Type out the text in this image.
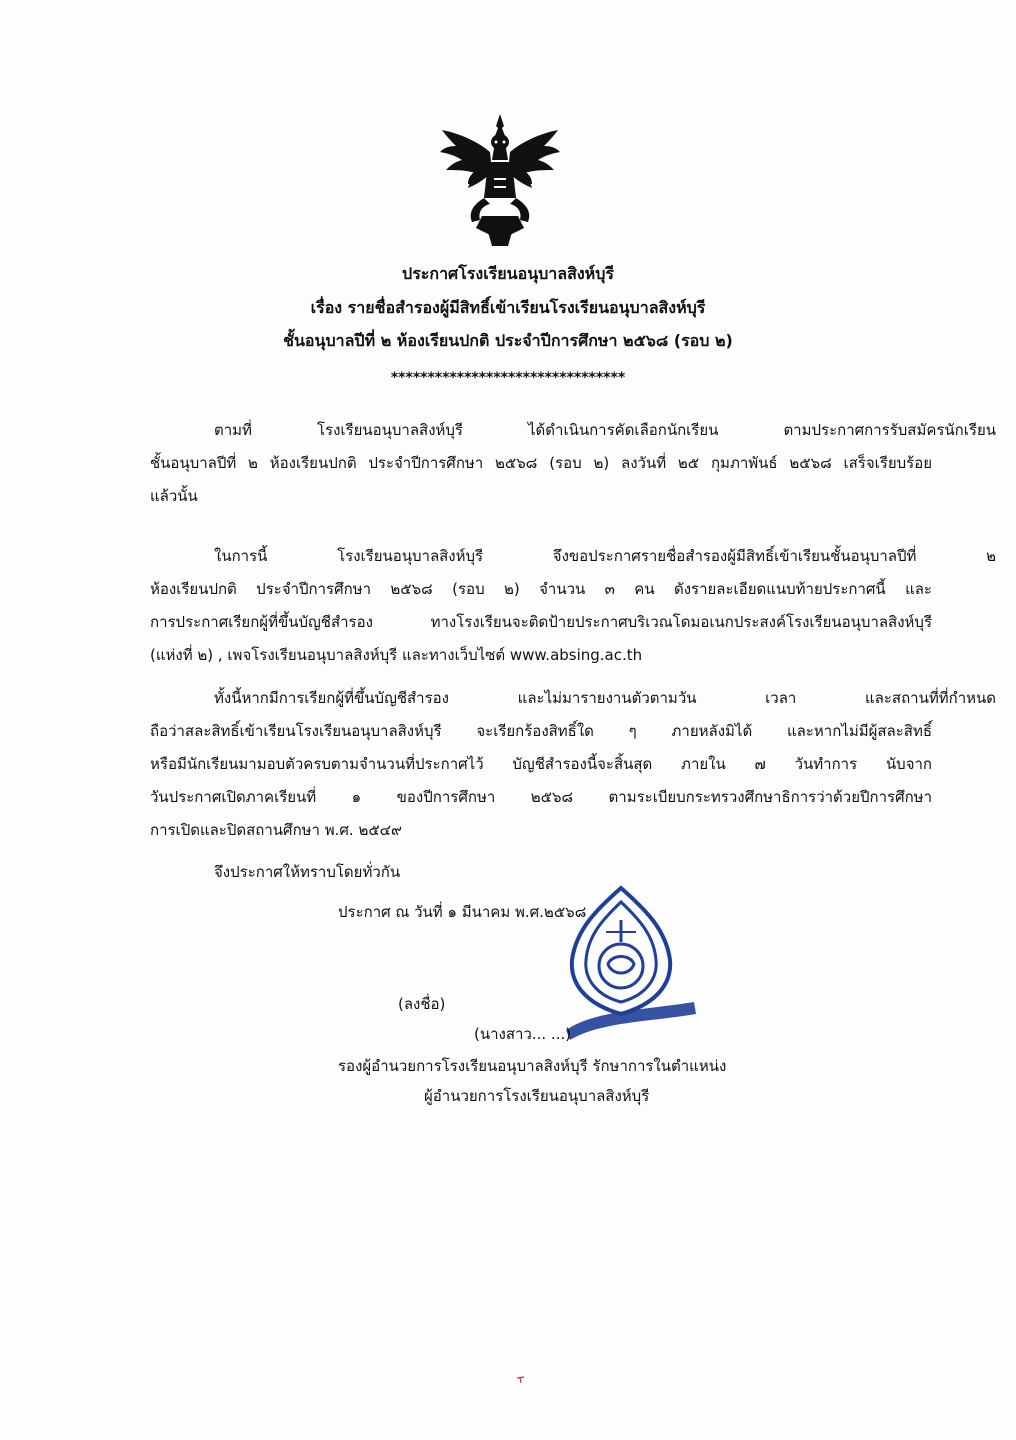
ประกาศโรงเรียนอนุบาลสิงห์บุรี
เรื่อง รายชื่อสำรองผู้มีสิทธิ์เข้าเรียนโรงเรียนอนุบาลสิงห์บุรี
ชั้นอนุบาลปีที่ ๒ ห้องเรียนปกติ ประจำปีการศึกษา ๒๕๖๘ (รอบ ๒)
********************************
ตามที่ โรงเรียนอนุบาลสิงห์บุรี ได้ดำเนินการคัดเลือกนักเรียน ตามประกาศการรับสมัครนักเรียน
ชั้นอนุบาลปีที่ ๒ ห้องเรียนปกติ ประจำปีการศึกษา ๒๕๖๘ (รอบ ๒) ลงวันที่ ๒๕ กุมภาพันธ์ ๒๕๖๘ เสร็จเรียบร้อย
แล้วนั้น
ในการนี้ โรงเรียนอนุบาลสิงห์บุรี จึงขอประกาศรายชื่อสำรองผู้มีสิทธิ์เข้าเรียนชั้นอนุบาลปีที่ ๒
ห้องเรียนปกติ ประจำปีการศึกษา ๒๕๖๘ (รอบ ๒) จำนวน ๓ คน ดังรายละเอียดแนบท้ายประกาศนี้ และ
การประกาศเรียกผู้ที่ขึ้นบัญชีสำรอง ทางโรงเรียนจะติดป้ายประกาศบริเวณโดมอเนกประสงค์โรงเรียนอนุบาลสิงห์บุรี
(แห่งที่ ๒) , เพจโรงเรียนอนุบาลสิงห์บุรี และทางเว็บไซต์ www.absing.ac.th
ทั้งนี้หากมีการเรียกผู้ที่ขึ้นบัญชีสำรอง และไม่มารายงานตัวตามวัน เวลา และสถานที่ที่กำหนด
ถือว่าสละสิทธิ์เข้าเรียนโรงเรียนอนุบาลสิงห์บุรี จะเรียกร้องสิทธิ์ใด ๆ ภายหลังมิได้ และหากไม่มีผู้สละสิทธิ์
หรือมีนักเรียนมามอบตัวครบตามจำนวนที่ประกาศไว้ บัญชีสำรองนี้จะสิ้นสุด ภายใน ๗ วันทำการ นับจาก
วันประกาศเปิดภาคเรียนที่ ๑ ของปีการศึกษา ๒๕๖๘ ตามระเบียบกระทรวงศึกษาธิการว่าด้วยปีการศึกษา
การเปิดและปิดสถานศึกษา พ.ศ. ๒๕๔๙
จึงประกาศให้ทราบโดยทั่วกัน
ประกาศ ณ วันที่ ๑ มีนาคม พ.ศ.๒๕๖๘
(ลงชื่อ)
(นางสาว... ...)
รองผู้อำนวยการโรงเรียนอนุบาลสิงห์บุรี รักษาการในตำแหน่ง
ผู้อำนวยการโรงเรียนอนุบาลสิงห์บุรี
